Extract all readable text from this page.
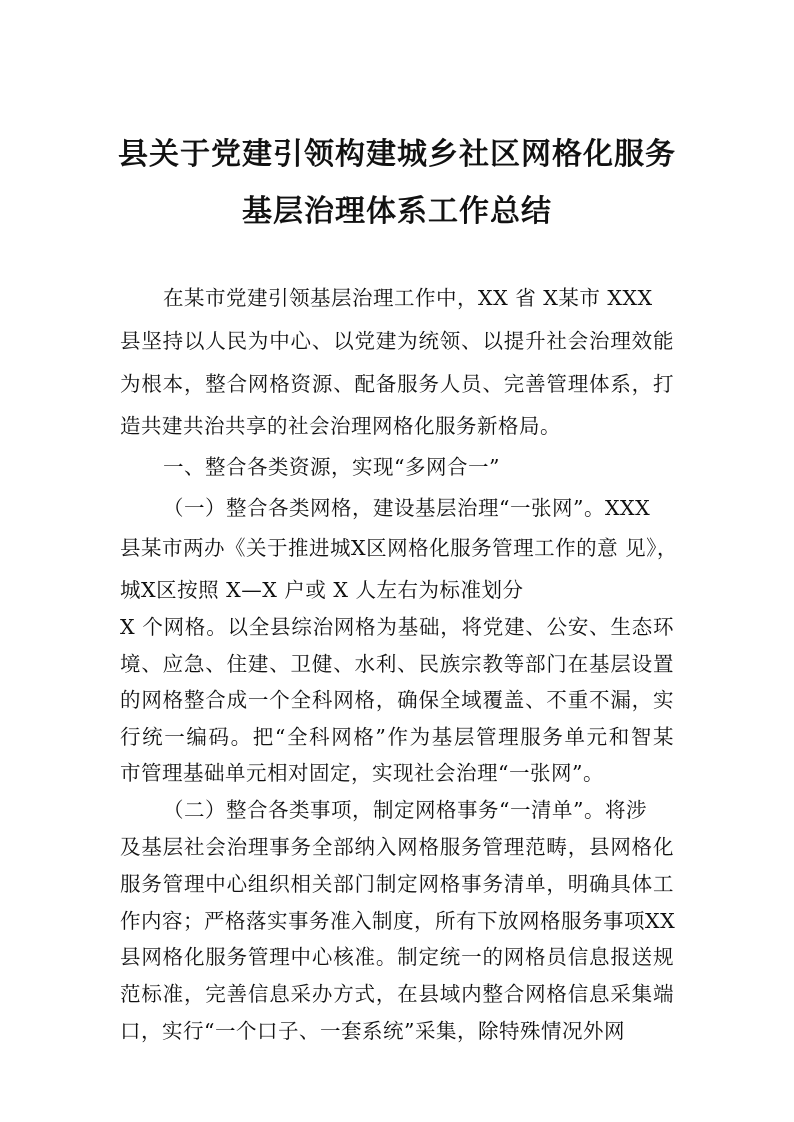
县关于党建引领构建城乡社区网格化服务
基层治理体系工作总结
在某市党建引领基层治理工作中，XX 省 X某市 XXX
县坚持以人民为中心、以党建为统领、以提升社会治理效能
为根本，整合网格资源、配备服务人员、完善管理体系，打
造共建共治共享的社会治理网格化服务新格局。
一、整合各类资源，实现“多网合一”
（一）整合各类网格，建设基层治理“一张网”。XXX
县某市两办《关于推进城X区网格化服务管理工作的意 见》，
城X区按照 X—X 户或 X 人左右为标准划分
X 个网格。以全县综治网格为基础，将党建、公安、生态环
境、应急、住建、卫健、水利、民族宗教等部门在基层设置
的网格整合成一个全科网格，确保全域覆盖、不重不漏，实
行统一编码。把“全科网格”作为基层管理服务单元和智某
市管理基础单元相对固定，实现社会治理“一张网”。
（二）整合各类事项，制定网格事务“一清单”。将涉
及基层社会治理事务全部纳入网格服务管理范畴，县网格化
服务管理中心组织相关部门制定网格事务清单，明确具体工
作内容；严格落实事务准入制度，所有下放网格服务事项XX
县网格化服务管理中心核准。制定统一的网格员信息报送规
范标准，完善信息采办方式，在县域内整合网格信息采集端
口，实行“一个口子、一套系统”采集，除特殊情况外网
